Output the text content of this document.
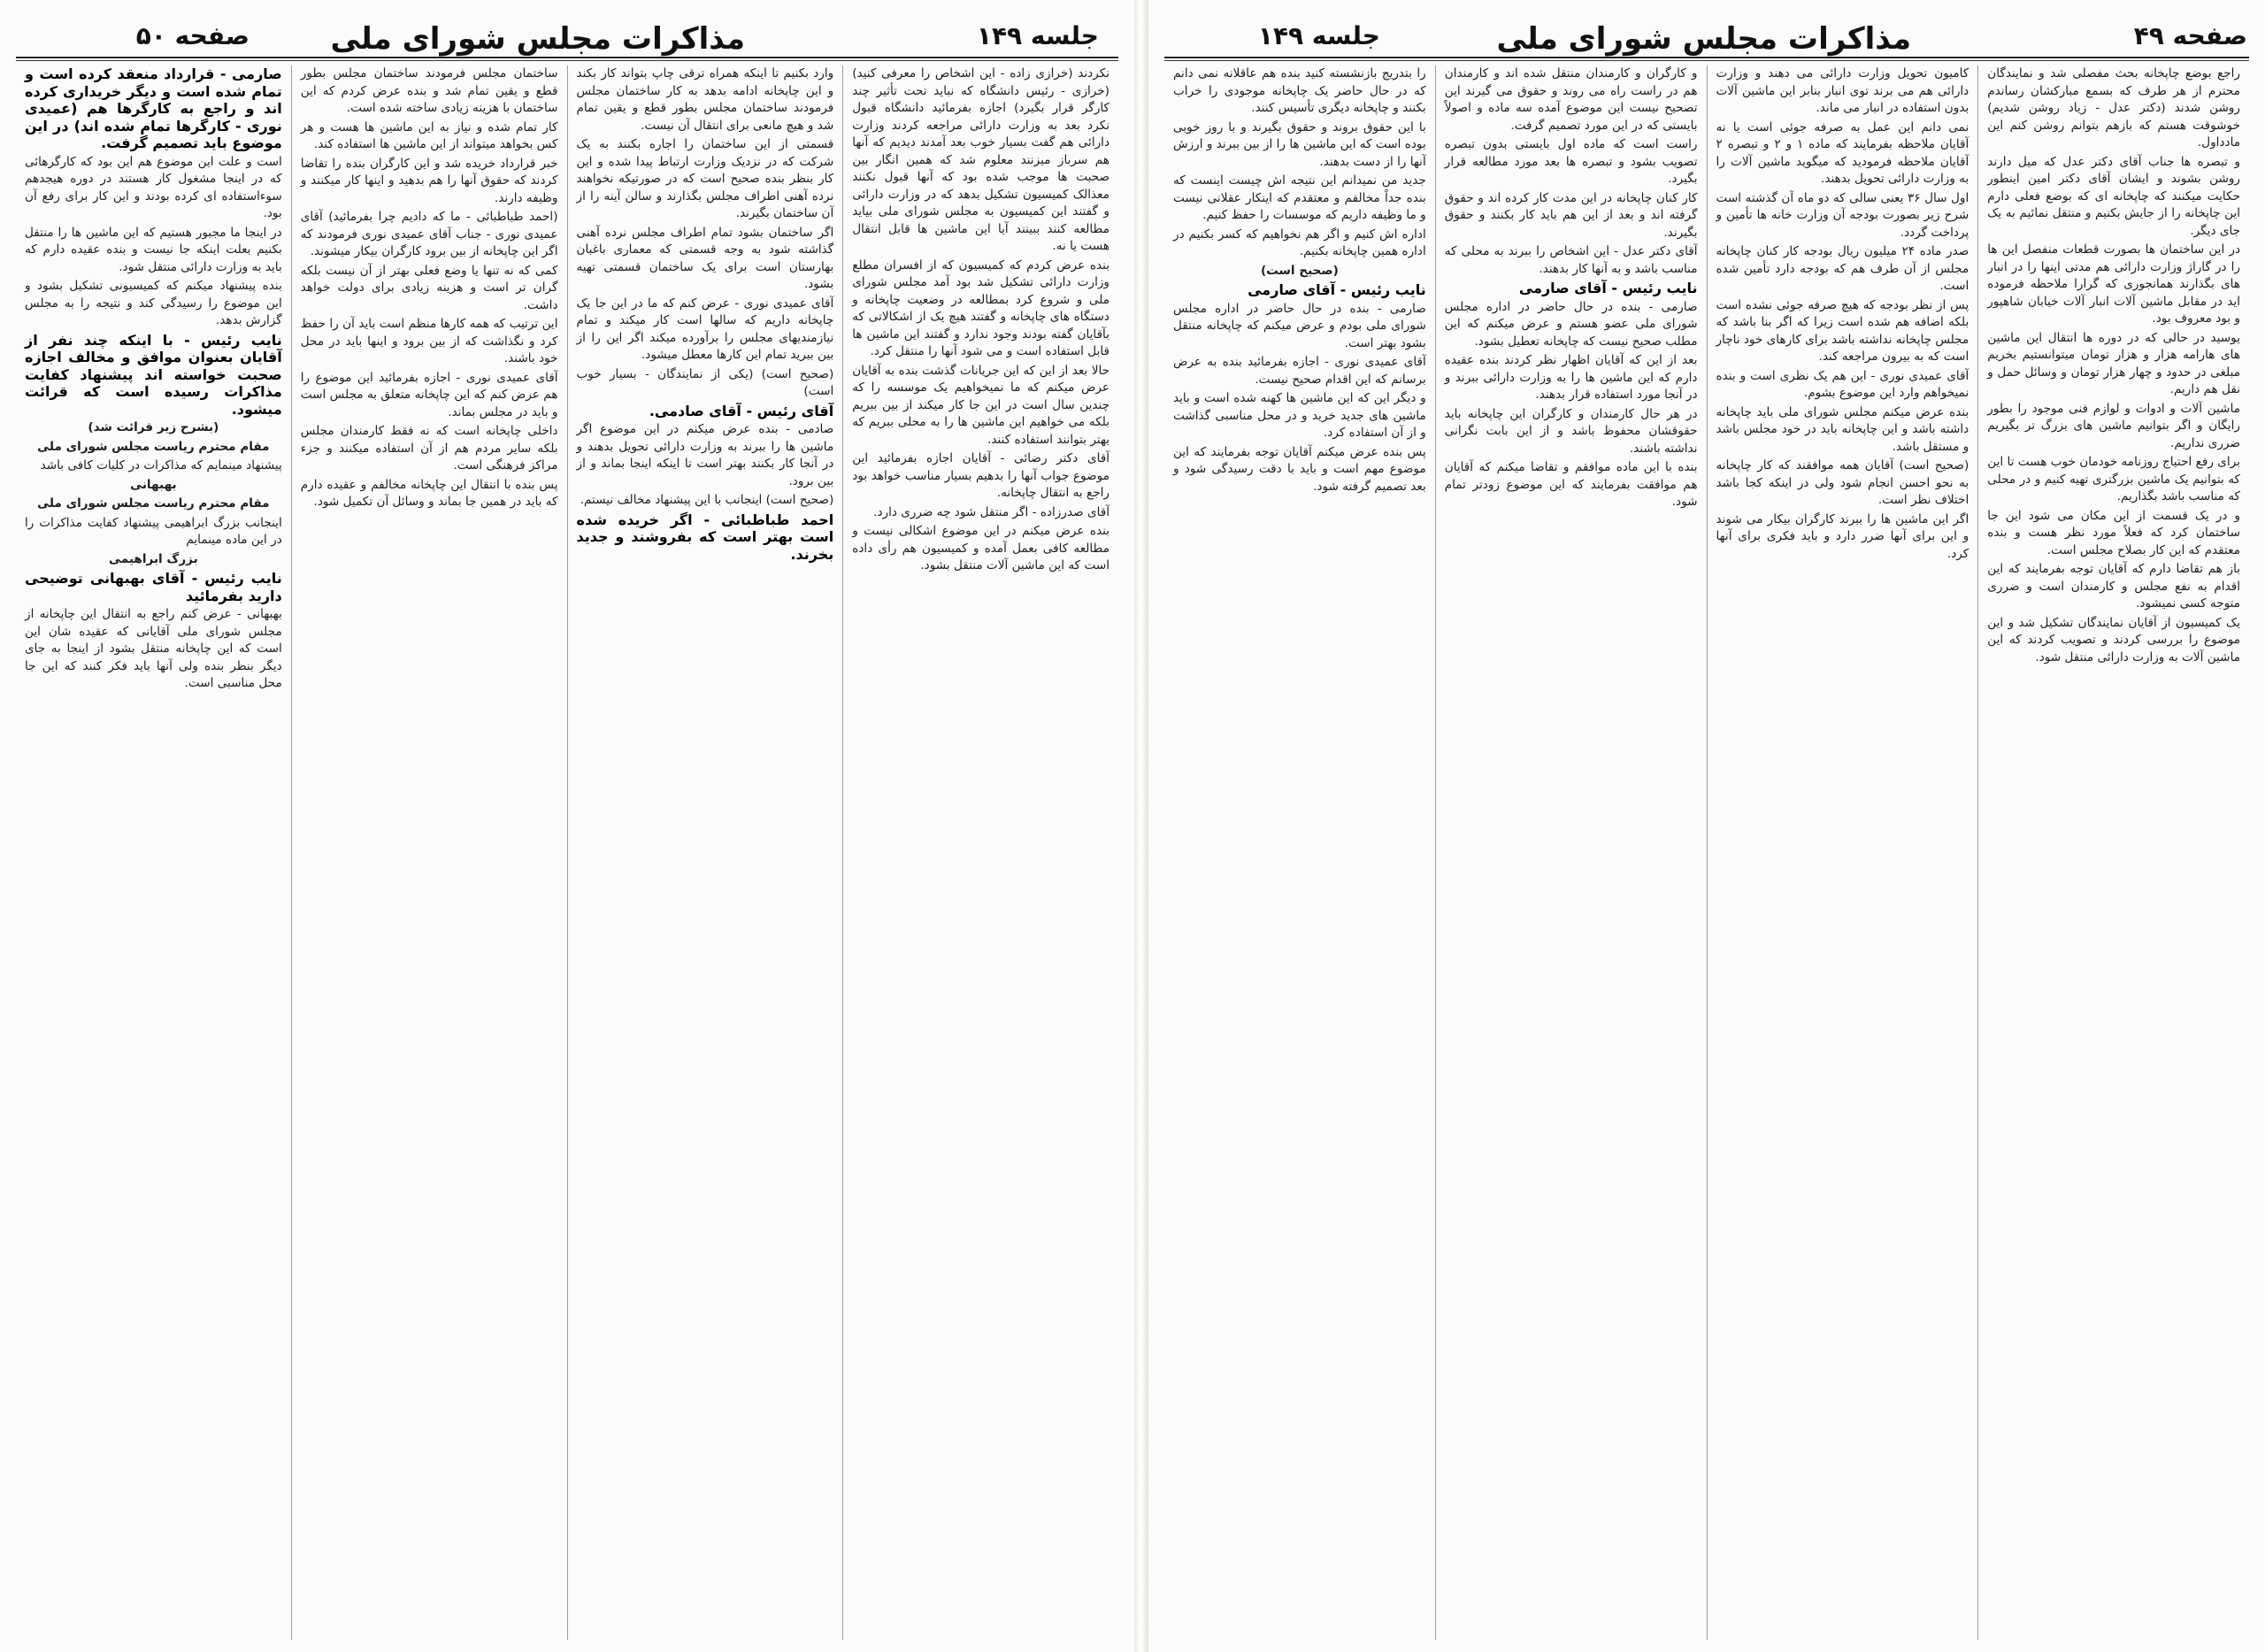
جلسه ۱۴۹
مذاکرات مجلس شورای ملی
صفحه ۵۰

نکردند (خرازی زاده - این اشخاص را معرفی کنید) (خرازی - رئیس دانشگاه که نباید تحت تأثیر چند کارگر قرار بگیرد) اجازه بفرمائید دانشگاه قبول نکرد بعد به وزارت دارائی مراجعه کردند وزارت دارائی هم گفت بسیار خوب بعد آمدند دیدیم که آنها هم سرباز میزنند معلوم شد که همین انگار بین صحبت ها موجب شده بود که آنها قبول نکنند معذالک کمیسیون تشکیل بدهد که در وزارت دارائی و گفتند این کمیسیون به مجلس شورای ملی بیاید مطالعه کنند ببینند آیا این ماشین ها قابل انتقال هست یا نه.

بنده عرض کردم که کمیسیون که از افسران مطلع وزارت دارائی تشکیل شد بود آمد مجلس شورای ملی و شروع کرد بمطالعه در وضعیت چاپخانه و دستگاه های چاپخانه و گفتند هیچ یک از اشکالاتی که بآقایان گفته بودند وجود ندارد و گفتند این ماشین ها قابل استفاده است و می شود آنها را منتقل کرد.

حالا بعد از این که این جریانات گذشت بنده به آقایان عرض میکنم که ما نمیخواهیم یک موسسه را که چندین سال است در این جا کار میکند از بین ببریم بلکه می خواهیم این ماشین ها را به محلی ببریم که بهتر بتوانند استفاده کنند.

آقای دکتر رضائی - آقایان اجازه بفرمائید این موضوع جواب آنها را بدهیم بسیار مناسب خواهد بود راجع به انتقال چاپخانه.

آقای صدرزاده - اگر منتقل شود چه ضرری دارد.

بنده عرض میکنم در این موضوع اشکالی نیست و مطالعه کافی بعمل آمده و کمیسیون هم رأی داده است که این ماشین آلات منتقل بشود.

وارد بکنیم تا اینکه همراه ترقی چاپ بتواند کار بکند و این چاپخانه ادامه بدهد به کار ساختمان مجلس فرمودند ساختمان مجلس بطور قطع و یقین تمام شد و هیچ مانعی برای انتقال آن نیست.

قسمتی از این ساختمان را اجاره بکنند به یک شرکت که در نزدیک وزارت ارتباط پیدا شده و این کار بنظر بنده صحیح است که در صورتیکه نخواهند نرده آهنی اطراف مجلس بگذارند و سالن آینه را از آن ساختمان بگیرند.

اگر ساختمان بشود تمام اطراف مجلس نرده آهنی گذاشته شود به وجه قسمتی که معماری باغبان بهارستان است برای یک ساختمان قسمتی تهیه بشود.

آقای عمیدی نوری - عرض کنم که ما در این جا یک چاپخانه داریم که سالها است کار میکند و تمام نیازمندیهای مجلس را برآورده میکند اگر این را از بین ببرید تمام این کارها معطل میشود.

(صحیح است) (یکی از نمایندگان - بسیار خوب است)

آقای رئیس - آقای صادمی.

صادمی - بنده عرض میکنم در این موضوع اگر ماشین ها را ببرند به وزارت دارائی تحویل بدهند و در آنجا کار بکنند بهتر است تا اینکه اینجا بماند و از بین برود.

(صحیح است) اینجانب با این پیشنهاد مخالف نیستم.

احمد طباطبائی - اگر خریده شده است بهتر است که بفروشند و جدید بخرند.

ساختمان مجلس فرمودند ساختمان مجلس بطور قطع و یقین تمام شد و بنده عرض کردم که این ساختمان با هزینه زیادی ساخته شده است.

کار تمام شده و نیاز به این ماشین ها هست و هر کس بخواهد میتواند از این ماشین ها استفاده کند.

خبر قرارداد خریده شد و این کارگران بنده را تقاضا کردند که حقوق آنها را هم بدهید و اینها کار میکنند و وظیفه دارند.

(احمد طباطبائی - ما که دادیم چرا بفرمائید) آقای عمیدی نوری - جناب آقای عمیدی نوری فرمودند که اگر این چاپخانه از بین برود کارگران بیکار میشوند.

کمی که نه تنها یا وضع فعلی بهتر از آن نیست بلکه گران تر است و هزینه زیادی برای دولت خواهد داشت.

این ترتیب که همه کارها منظم است باید آن را حفظ کرد و نگذاشت که از بین برود و اینها باید در محل خود باشند.

آقای عمیدی نوری - اجازه بفرمائید این موضوع را هم عرض کنم که این چاپخانه متعلق به مجلس است و باید در مجلس بماند.

داخلی چاپخانه است که نه فقط کارمندان مجلس بلکه سایر مردم هم از آن استفاده میکنند و جزء مراکز فرهنگی است.

پس بنده با انتقال این چاپخانه مخالفم و عقیده دارم که باید در همین جا بماند و وسائل آن تکمیل شود.

صارمی - قرارداد منعقد کرده است و تمام شده است و دیگر خریداری کرده اند و راجع به کارگرها هم (عمیدی نوری - کارگرها تمام شده اند) در این موضوع باید تصمیم گرفت.

است و علت این موضوع هم این بود که کارگرهائی که در اینجا مشغول کار هستند در دوره هیجدهم سوءاستفاده ای کرده بودند و این کار برای رفع آن بود.

در اینجا ما مجبور هستیم که این ماشین ها را منتقل بکنیم بعلت اینکه جا نیست و بنده عقیده دارم که باید به وزارت دارائی منتقل شود.

بنده پیشنهاد میکنم که کمیسیونی تشکیل بشود و این موضوع را رسیدگی کند و نتیجه را به مجلس گزارش بدهد.

نایب رئیس - با اینکه چند نفر از آقایان بعنوان موافق و مخالف اجازه صحبت خواسته اند پیشنهاد کفایت مذاکرات رسیده است که قرائت میشود.

(بشرح زیر قرائت شد)

مقام محترم ریاست مجلس شورای ملی

پیشنهاد مینمایم که مذاکرات در کلیات کافی باشد

بهبهانی

مقام محترم ریاست مجلس شورای ملی

اینجانب بزرگ ابراهیمی پیشنهاد کفایت مذاکرات را در این ماده مینمایم

بزرگ ابراهیمی

نایب رئیس - آقای بهبهانی توضیحی دارید بفرمائید

بهبهانی - عرض کنم راجع به انتقال این چاپخانه از مجلس شورای ملی آقایانی که عقیده شان این است که این چاپخانه منتقل بشود از اینجا به جای دیگر بنظر بنده ولی آنها باید فکر کنند که این جا محل مناسبی است.

صفحه ۴۹
مذاکرات مجلس شورای ملی
جلسه ۱۴۹

راجع بوضع چاپخانه بحث مفصلی شد و نمایندگان محترم از هر طرف که بسمع مبارکشان رساندم روشن شدند (دکتر عدل - زیاد روشن شدیم) خوشوقت هستم که بازهم بتوانم روشن کنم این مادداول.

و تبصره ها جناب آقای دکتر عدل که میل دارند روشن بشوند و ایشان آقای دکتر امین اینطور حکایت میکنند که چاپخانه ای که بوضع فعلی دارم این چاپخانه را از جایش بکنیم و منتقل نمائیم به یک جای دیگر.

در این ساختمان ها بصورت قطعات منفصل این ها را در گاراژ وزارت دارائی هم مدتی اینها را در انبار های بگذارند همانجوری که گرارا ملاحظه فرموده اید در مقابل ماشین آلات انبار آلات خیابان شاهپور و بود معروف بود.

یوسید در حالی که در دوره ها انتقال این ماشین های هارامه هزار و هزار تومان میتوانستیم بخریم مبلغی در حدود و چهار هزار تومان و وسائل حمل و نقل هم داریم.

ماشین آلات و ادوات و لوازم فنی موجود را بطور رایگان و اگر بتوانیم ماشین های بزرگ تر بگیریم ضرری نداریم.

برای رفع احتیاج روزنامه خودمان خوب هست تا این که بتوانیم یک ماشین بزرگتری تهیه کنیم و در محلی که مناسب باشد بگذاریم.

و در یک قسمت از این مکان می شود این جا ساختمان کرد که فعلاً مورد نظر هست و بنده معتقدم که این کار بصلاح مجلس است.

باز هم تقاضا دارم که آقایان توجه بفرمایند که این اقدام به نفع مجلس و کارمندان است و ضرری متوجه کسی نمیشود.

یک کمیسیون از آقایان نمایندگان تشکیل شد و این موضوع را بررسی کردند و تصویب کردند که این ماشین آلات به وزارت دارائی منتقل شود.

کامیون تحویل وزارت دارائی می دهند و وزارت دارائی هم می برند توی انبار بنابر این ماشین آلات بدون استفاده در انبار می ماند.

نمی دانم این عمل به صرفه جوئی است یا نه آقایان ملاحظه بفرمایند که ماده ۱ و ۲ و تبصره ۲ آقایان ملاحظه فرمودید که میگوید ماشین آلات را به وزارت دارائی تحویل بدهند.

اول سال ۳۶ یعنی سالی که دو ماه آن گذشته است شرح زیر بصورت بودجه آن وزارت خانه ها تأمین و پرداخت گردد.

صدر ماده ۲۴ میلیون ریال بودجه کار کنان چاپخانه مجلس از آن طرف هم که بودجه دارد تأمین شده است.

پس از نظر بودجه که هیچ صرفه جوئی نشده است بلکه اضافه هم شده است زیرا که اگر بنا باشد که مجلس چاپخانه نداشته باشد برای کارهای خود ناچار است که به بیرون مراجعه کند.

آقای عمیدی نوری - این هم یک نظری است و بنده نمیخواهم وارد این موضوع بشوم.

بنده عرض میکنم مجلس شورای ملی باید چاپخانه داشته باشد و این چاپخانه باید در خود مجلس باشد و مستقل باشد.

(صحیح است) آقایان همه موافقند که کار چاپخانه به نحو احسن انجام شود ولی در اینکه کجا باشد اختلاف نظر است.

اگر این ماشین ها را ببرند کارگران بیکار می شوند و این برای آنها ضرر دارد و باید فکری برای آنها کرد.

و کارگران و کارمندان منتقل شده اند و کارمندان هم در راست راه می روند و حقوق می گیرند این تصحیح نیست این موضوع آمده سه ماده و اصولاً بایستی که در این مورد تصمیم گرفت.

راست است که ماده اول بایستی بدون تبصره تصویب بشود و تبصره ها بعد مورد مطالعه قرار بگیرد.

کار کنان چاپخانه در این مدت کار کرده اند و حقوق گرفته اند و بعد از این هم باید کار بکنند و حقوق بگیرند.

آقای دکتر عدل - این اشخاص را ببرند به محلی که مناسب باشد و به آنها کار بدهند.

نایب رئیس - آقای صارمی

صارمی - بنده در حال حاضر در اداره مجلس شورای ملی عضو هستم و عرض میکنم که این مطلب صحیح نیست که چاپخانه تعطیل بشود.

بعد از این که آقایان اظهار نظر کردند بنده عقیده دارم که این ماشین ها را به وزارت دارائی ببرند و در آنجا مورد استفاده قرار بدهند.

در هر حال کارمندان و کارگران این چاپخانه باید حقوقشان محفوظ باشد و از این بابت نگرانی نداشته باشند.

بنده با این ماده موافقم و تقاضا میکنم که آقایان هم موافقت بفرمایند که این موضوع زودتر تمام شود.

را بتدریج بازنشسته کنید بنده هم عاقلانه نمی دانم که در حال حاضر یک چاپخانه موجودی را خراب بکنند و چاپخانه دیگری تأسیس کنند.

با این حقوق بروند و حقوق بگیرند و با روز خوبی بوده است که این ماشین ها را از بین ببرند و ارزش آنها را از دست بدهند.

جدید من نمیدانم این نتیجه اش چیست اینست که بنده جداً مخالفم و معتقدم که اینکار عقلانی نیست و ما وظیفه داریم که موسسات را حفظ کنیم.

اداره اش کنیم و اگر هم نخواهیم که کسر بکنیم در اداره همین چاپخانه بکنیم.

(صحیح است)

نایب رئیس - آقای صارمی

صارمی - بنده در حال حاضر در اداره مجلس شورای ملی بودم و عرض میکنم که چاپخانه منتقل بشود بهتر است.

آقای عمیدی نوری - اجازه بفرمائید بنده به عرض برسانم که این اقدام صحیح نیست.

و دیگر این که این ماشین ها کهنه شده است و باید ماشین های جدید خرید و در محل مناسبی گذاشت و از آن استفاده کرد.

پس بنده عرض میکنم آقایان توجه بفرمایند که این موضوع مهم است و باید با دقت رسیدگی شود و بعد تصمیم گرفته شود.
